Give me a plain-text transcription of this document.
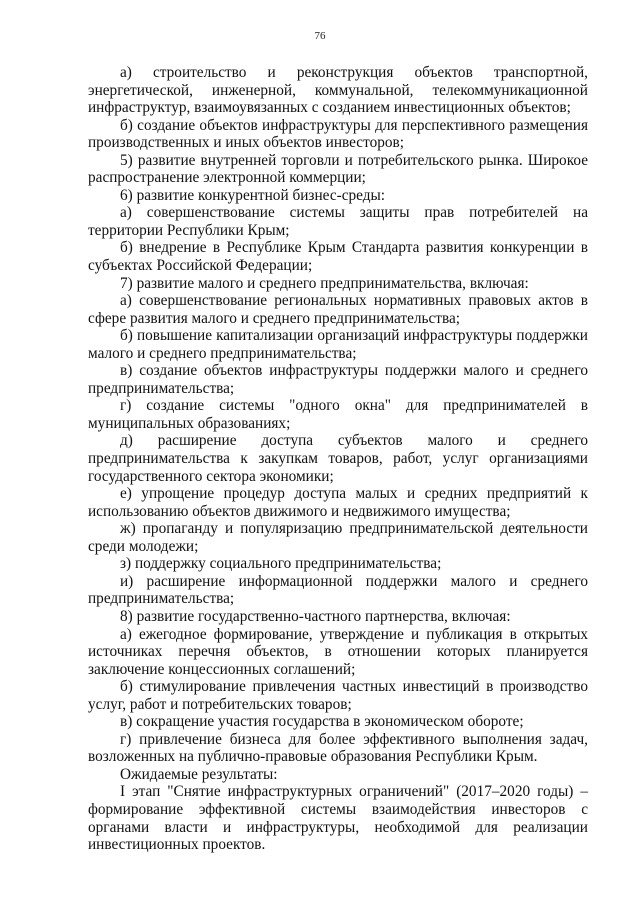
76

а) строительство и реконструкция объектов транспортной, энергетической, инженерной, коммунальной, телекоммуникационной инфраструктур, взаимоувязанных с созданием инвестиционных объектов;

б) создание объектов инфраструктуры для перспективного размещения производственных и иных объектов инвесторов;

5) развитие внутренней торговли и потребительского рынка. Широкое распространение электронной коммерции;

6) развитие конкурентной бизнес-среды:

а) совершенствование системы защиты прав потребителей на территории Республики Крым;

б) внедрение в Республике Крым Стандарта развития конкуренции в субъектах Российской Федерации;

7) развитие малого и среднего предпринимательства, включая:

а) совершенствование региональных нормативных правовых актов в сфере развития малого и среднего предпринимательства;

б) повышение капитализации организаций инфраструктуры поддержки малого и среднего предпринимательства;

в) создание объектов инфраструктуры поддержки малого и среднего предпринимательства;

г) создание системы "одного окна" для предпринимателей в муниципальных образованиях;

д) расширение доступа субъектов малого и среднего предпринимательства к закупкам товаров, работ, услуг организациями государственного сектора экономики;

е) упрощение процедур доступа малых и средних предприятий к использованию объектов движимого и недвижимого имущества;

ж) пропаганду и популяризацию предпринимательской деятельности среди молодежи;

з) поддержку социального предпринимательства;

и) расширение информационной поддержки малого и среднего предпринимательства;

8) развитие государственно-частного партнерства, включая:

а) ежегодное формирование, утверждение и публикация в открытых источниках перечня объектов, в отношении которых планируется заключение концессионных соглашений;

б) стимулирование привлечения частных инвестиций в производство услуг, работ и потребительских товаров;

в) сокращение участия государства в экономическом обороте;

г) привлечение бизнеса для более эффективного выполнения задач, возложенных на публично-правовые образования Республики Крым.

Ожидаемые результаты:

I этап "Снятие инфраструктурных ограничений" (2017–2020 годы) – формирование эффективной системы взаимодействия инвесторов с органами власти и инфраструктуры, необходимой для реализации инвестиционных проектов.
